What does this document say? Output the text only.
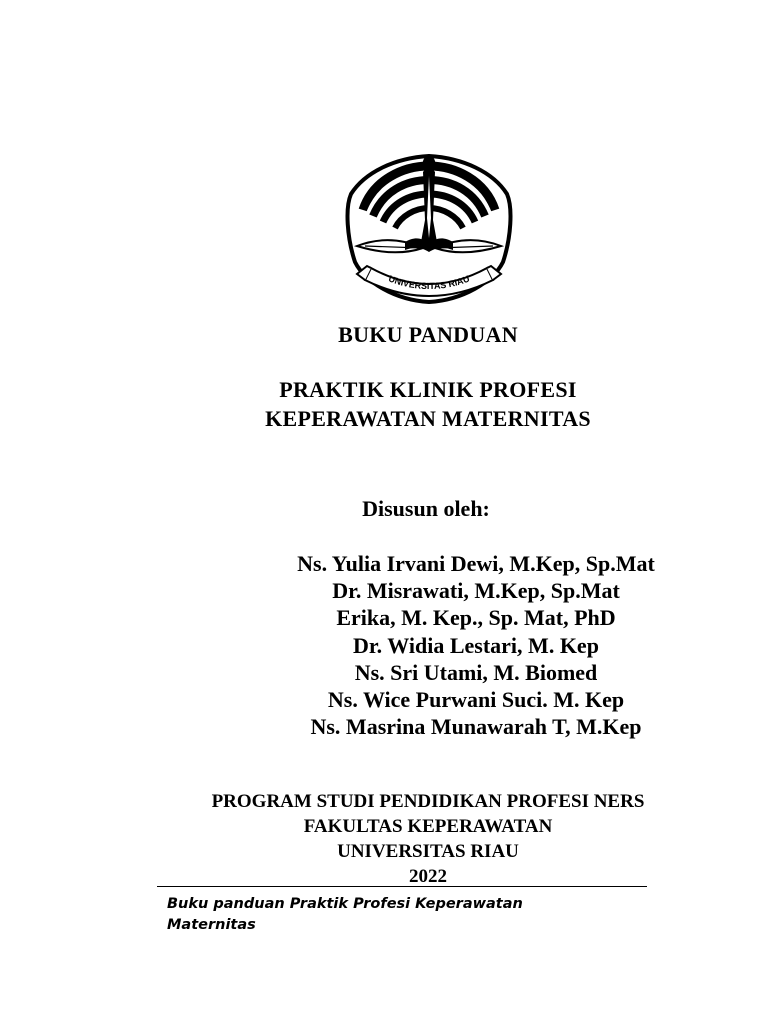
UNIVERSITAS RIAU
BUKU PANDUAN
PRAKTIK KLINIK PROFESI
KEPERAWATAN MATERNITAS
Disusun oleh:
Ns. Yulia Irvani Dewi, M.Kep, Sp.Mat
Dr. Misrawati, M.Kep, Sp.Mat
Erika, M. Kep., Sp. Mat, PhD
Dr. Widia Lestari, M. Kep
Ns. Sri Utami, M. Biomed
Ns. Wice Purwani Suci. M. Kep
Ns. Masrina Munawarah T, M.Kep
PROGRAM STUDI PENDIDIKAN PROFESI NERS
FAKULTAS KEPERAWATAN
UNIVERSITAS RIAU
2022
Buku panduan Praktik Profesi Keperawatan Maternitas
